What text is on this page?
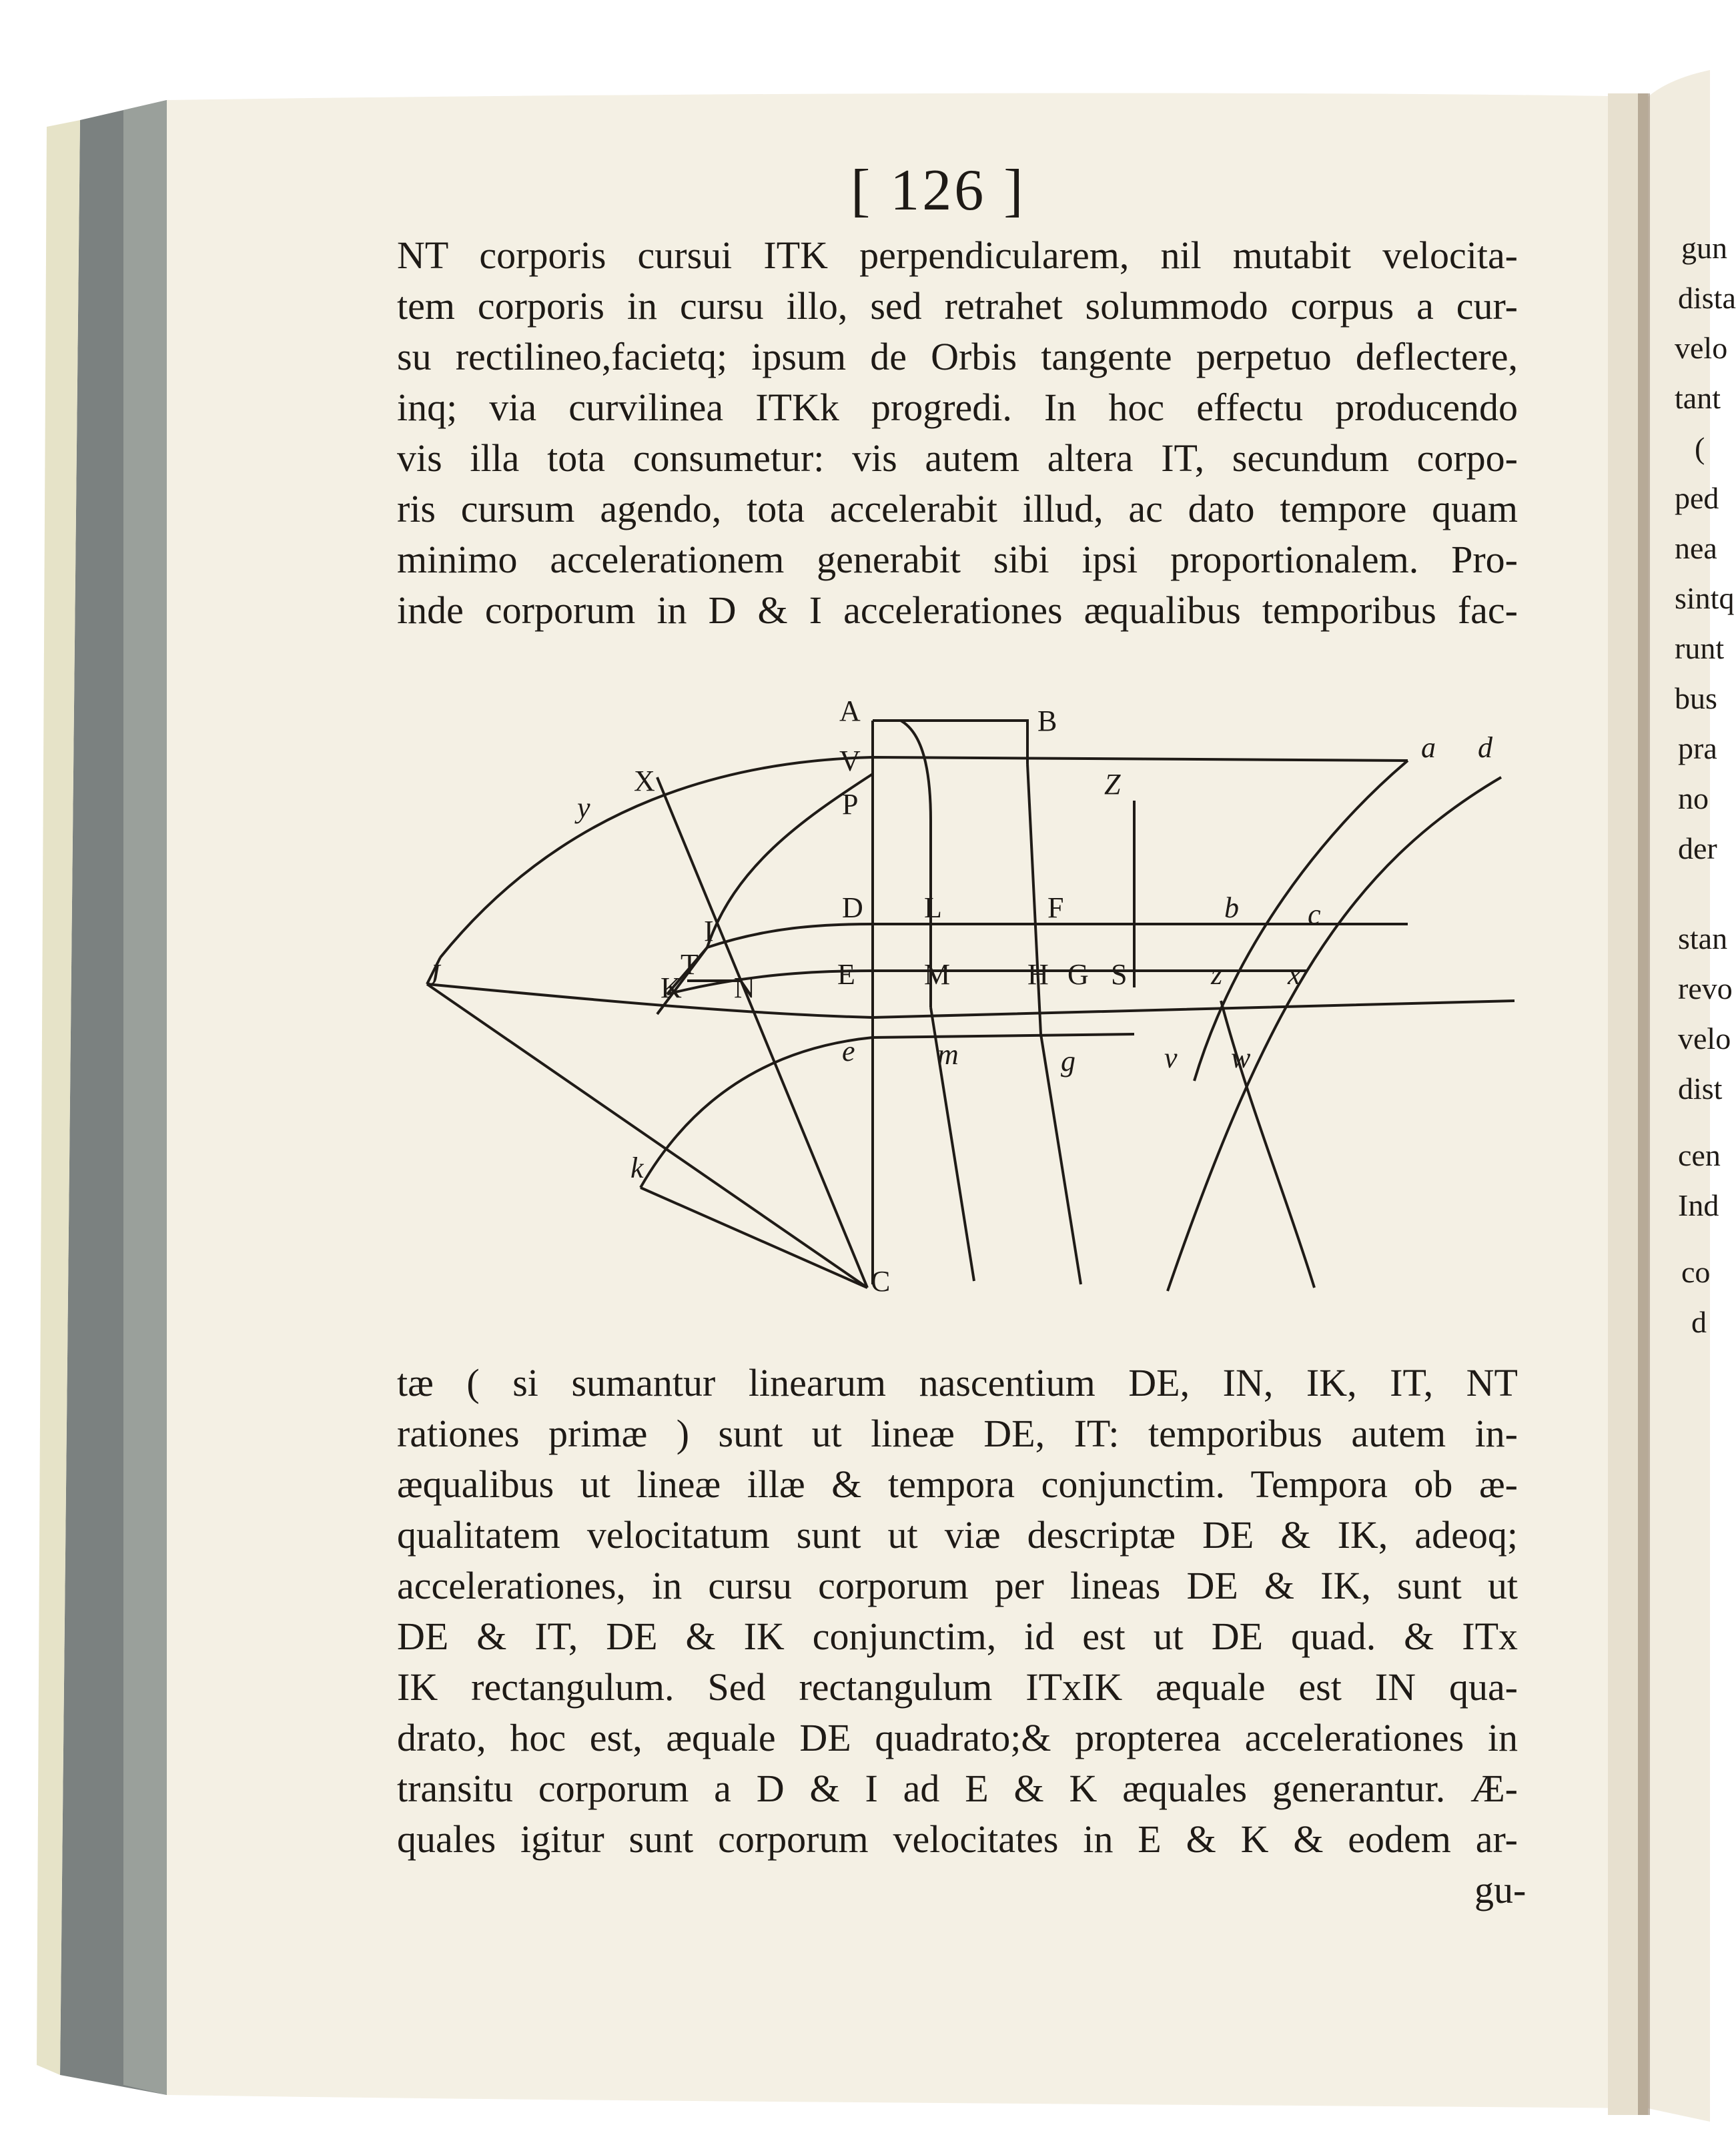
A	B
V	a d
X
y	P
Z
D L	F	b c
I
T
K N	E M	H G S	z x
J
e	m	g	v w
k
C
[ 126 ]
NT corporis cursui ITK perpendicularem, nil mutabit velocita-
tem corporis in cursu illo, sed retrahet solummodo corpus a cur-
su rectilineo,facietq; ipsum de Orbis tangente perpetuo deflectere,
inq; via curvilinea ITKk progredi. In hoc effectu producendo
vis illa tota consumetur: vis autem altera IT, secundum corpo-
ris cursum agendo, tota accelerabit illud, ac dato tempore quam
minimo accelerationem generabit sibi ipsi proportionalem. Pro-
inde corporum in D & I accelerationes æqualibus temporibus fac-
tæ ( si sumantur linearum nascentium DE, IN, IK, IT, NT
rationes primæ ) sunt ut lineæ DE, IT: temporibus autem in-
æqualibus ut lineæ illæ & tempora conjunctim. Tempora ob æ-
qualitatem velocitatum sunt ut viæ descriptæ DE & IK, adeoq;
accelerationes, in cursu corporum per lineas DE & IK, sunt ut
DE & IT, DE & IK conjunctim, id est ut DE quad. & ITx
IK rectangulum. Sed rectangulum ITxIK æquale est IN qua-
drato, hoc est, æquale DE quadrato;& propterea accelerationes in
transitu corporum a D & I ad E & K æquales generantur. Æ-
quales igitur sunt corporum velocitates in E & K & eodem ar-
gu-
gun
dista
velo
tant
(
ped
nea
sintq
runt
bus
pra
no
der
stan
revo
velo
dist
cen
Ind
co
d
